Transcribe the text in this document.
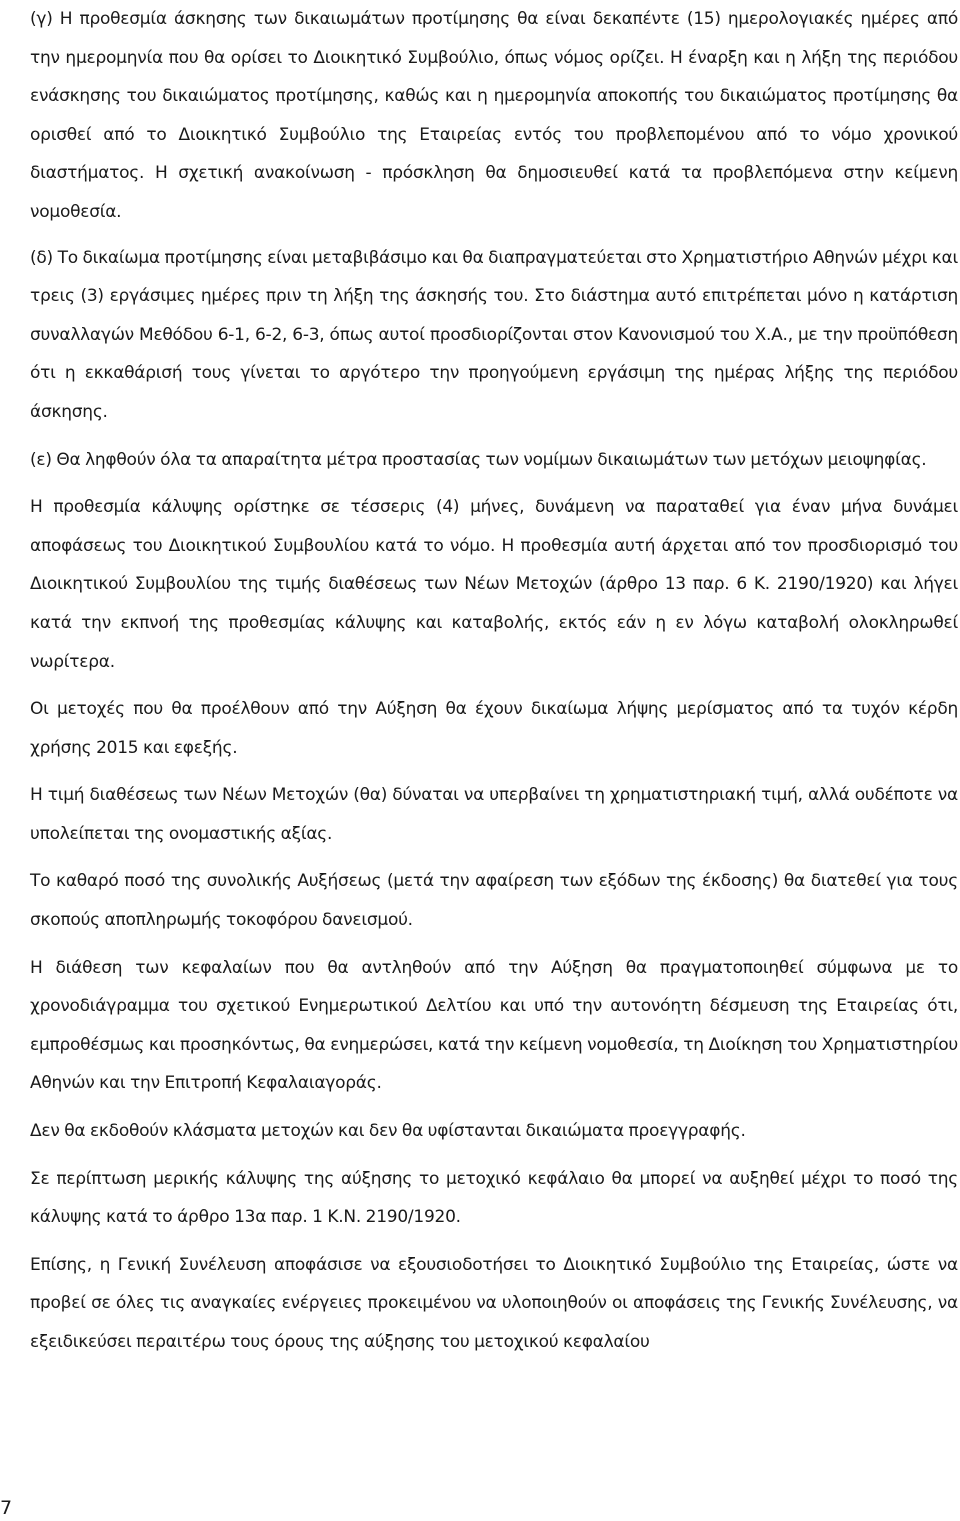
(γ) Η προθεσμία άσκησης των δικαιωμάτων προτίμησης θα είναι δεκαπέντε (15) ημερολογιακές ημέρες από την ημερομηνία που θα ορίσει το Διοικητικό Συμβούλιο, όπως νόμος ορίζει. Η έναρξη και η λήξη της περιόδου ενάσκησης του δικαιώματος προτίμησης, καθώς και η ημερομηνία αποκοπής του δικαιώματος προτίμησης θα ορισθεί από το Διοικητικό Συμβούλιο της Εταιρείας εντός του προβλεπομένου από το νόμο χρονικού διαστήματος. Η σχετική ανακοίνωση - πρόσκληση θα δημοσιευθεί κατά τα προβλεπόμενα στην κείμενη νομοθεσία.

(δ) Το δικαίωμα προτίμησης είναι μεταβιβάσιμο και θα διαπραγματεύεται στο Χρηματιστήριο Αθηνών μέχρι και τρεις (3) εργάσιμες ημέρες πριν τη λήξη της άσκησής του. Στο διάστημα αυτό επιτρέπεται μόνο η κατάρτιση συναλλαγών Μεθόδου 6-1, 6-2, 6-3, όπως αυτοί προσδιορίζονται στον Κανονισμού του Χ.Α., με την προϋπόθεση ότι η εκκαθάρισή τους γίνεται το αργότερο την προηγούμενη εργάσιμη της ημέρας λήξης της περιόδου άσκησης.

(ε) Θα ληφθούν όλα τα απαραίτητα μέτρα προστασίας των νομίμων δικαιωμάτων των μετόχων μειοψηφίας.

Η προθεσμία κάλυψης ορίστηκε σε τέσσερις (4) μήνες, δυνάμενη να παραταθεί για έναν μήνα δυνάμει αποφάσεως του Διοικητικού Συμβουλίου κατά το νόμο. Η προθεσμία αυτή άρχεται από τον προσδιορισμό του Διοικητικού Συμβουλίου της τιμής διαθέσεως των Νέων Μετοχών (άρθρο 13 παρ. 6 Κ. 2190/1920) και λήγει κατά την εκπνοή της προθεσμίας κάλυψης και καταβολής, εκτός εάν η εν λόγω καταβολή ολοκληρωθεί νωρίτερα.

Οι μετοχές που θα προέλθουν από την Αύξηση θα έχουν δικαίωμα λήψης μερίσματος από τα τυχόν κέρδη χρήσης 2015 και εφεξής.

Η τιμή διαθέσεως των Νέων Μετοχών (θα) δύναται να υπερβαίνει τη χρηματιστηριακή τιμή, αλλά ουδέποτε να υπολείπεται της ονομαστικής αξίας.

Το καθαρό ποσό της συνολικής Αυξήσεως (μετά την αφαίρεση των εξόδων της έκδοσης) θα διατεθεί για τους σκοπούς αποπληρωμής τοκοφόρου δανεισμού.

Η διάθεση των κεφαλαίων που θα αντληθούν από την Αύξηση θα πραγματοποιηθεί σύμφωνα με το χρονοδιάγραμμα του σχετικού Ενημερωτικού Δελτίου και υπό την αυτονόητη δέσμευση της Εταιρείας ότι, εμπροθέσμως και προσηκόντως, θα ενημερώσει, κατά την κείμενη νομοθεσία, τη Διοίκηση του Χρηματιστηρίου Αθηνών και την Επιτροπή Κεφαλαιαγοράς.

Δεν θα εκδοθούν κλάσματα μετοχών και δεν θα υφίστανται δικαιώματα προεγγραφής.

Σε περίπτωση μερικής κάλυψης της αύξησης το μετοχικό κεφάλαιο θα μπορεί να αυξηθεί μέχρι το ποσό της κάλυψης κατά το άρθρο 13α παρ. 1 Κ.Ν. 2190/1920.

Επίσης, η Γενική Συνέλευση αποφάσισε να εξουσιοδοτήσει το Διοικητικό Συμβούλιο της Εταιρείας, ώστε να προβεί σε όλες τις αναγκαίες ενέργειες προκειμένου να υλοποιηθούν οι αποφάσεις της Γενικής Συνέλευσης, να εξειδικεύσει περαιτέρω τους όρους της αύξησης του μετοχικού κεφαλαίου

7
